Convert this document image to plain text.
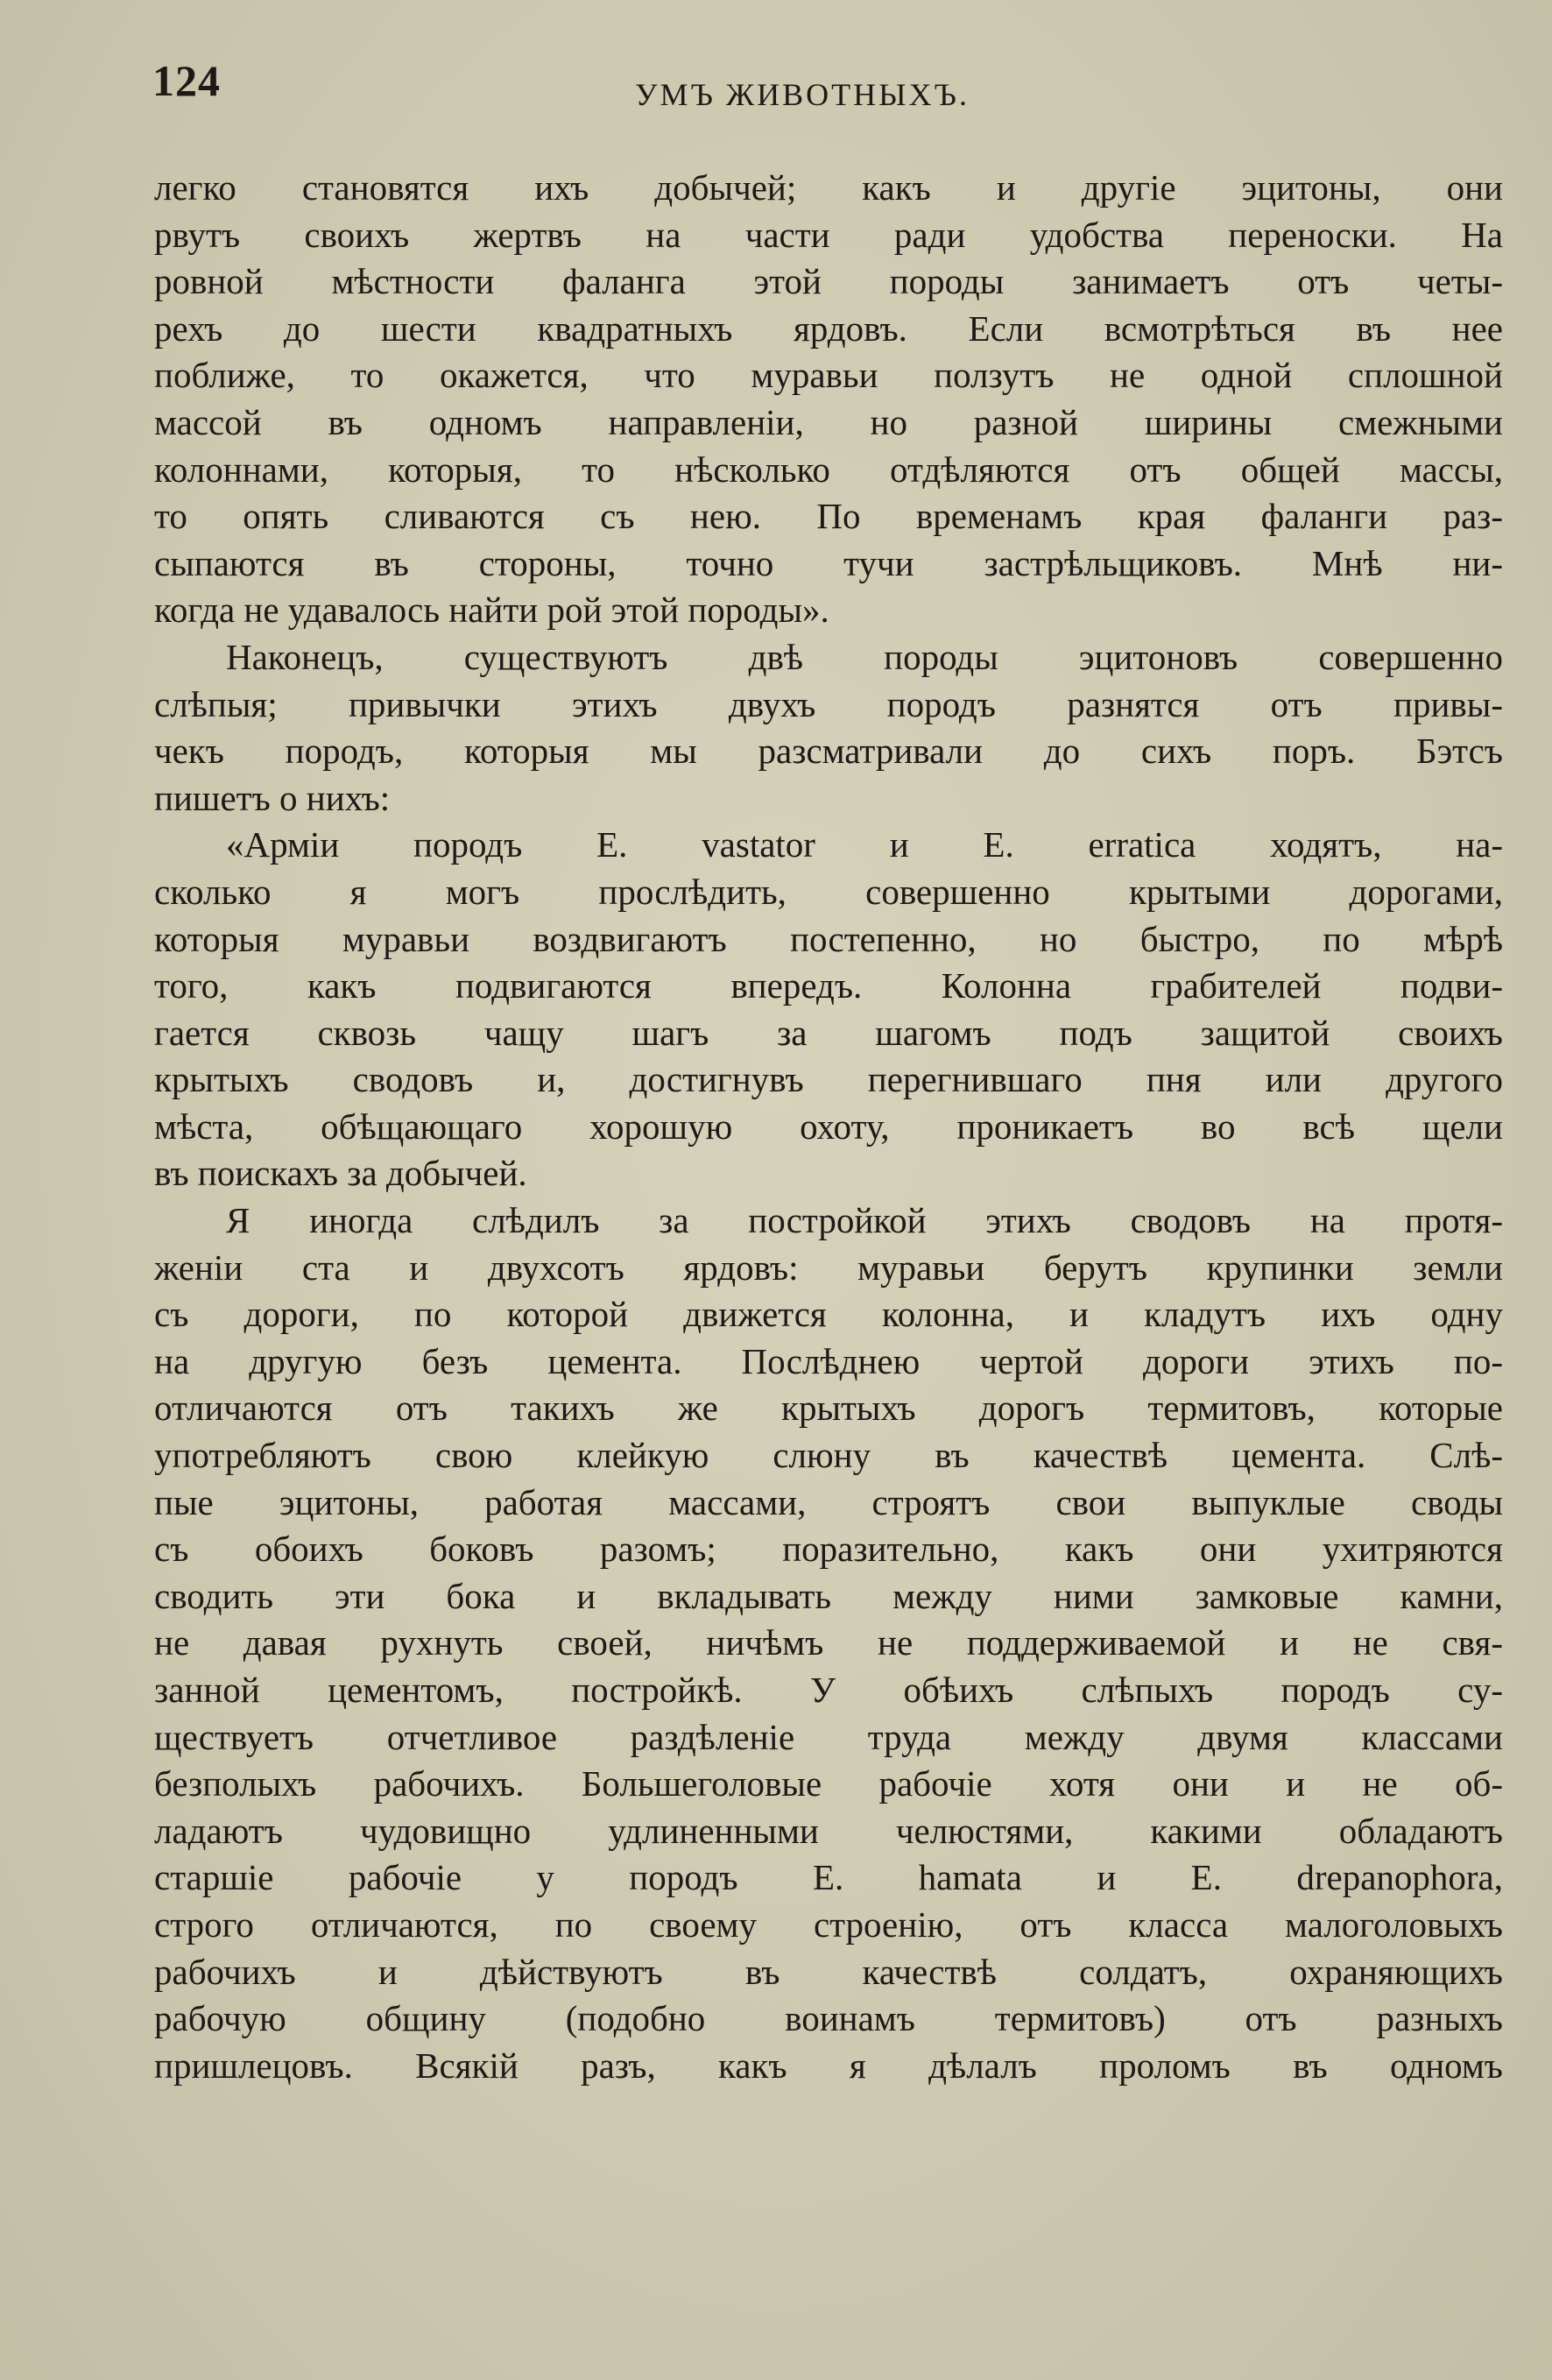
124	УМЪ ЖИВОТНЫХЪ.
легко становятся ихъ добычей; какъ и другіе эцитоны, они
рвутъ своихъ жертвъ на части ради удобства переноски. На
ровной мѣстности фаланга этой породы занимаетъ отъ четы-
рехъ до шести квадратныхъ ярдовъ. Если всмотрѣться въ нее
поближе, то окажется, что муравьи ползутъ не одной сплошной
массой въ одномъ направленіи, но разной ширины смежными
колоннами, которыя, то нѣсколько отдѣляются отъ общей массы,
то опять сливаются съ нею. По временамъ края фаланги раз-
сыпаются въ стороны, точно тучи застрѣльщиковъ. Мнѣ ни-
когда не удавалось найти рой этой породы».
Наконецъ, существуютъ двѣ породы эцитоновъ совершенно
слѣпыя; привычки этихъ двухъ породъ разнятся отъ привы-
чекъ породъ, которыя мы разсматривали до сихъ поръ. Бэтсъ
пишетъ о нихъ:
«Арміи породъ E. vastator и E. erratica ходятъ, на-
сколько я могъ прослѣдить, совершенно крытыми дорогами,
которыя муравьи воздвигаютъ постепенно, но быстро, по мѣрѣ
того, какъ подвигаются впередъ. Колонна грабителей подви-
гается сквозь чащу шагъ за шагомъ подъ защитой своихъ
крытыхъ сводовъ и, достигнувъ перегнившаго пня или другого
мѣста, обѣщающаго хорошую охоту, проникаетъ во всѣ щели
въ поискахъ за добычей.
Я иногда слѣдилъ за постройкой этихъ сводовъ на протя-
женіи ста и двухсотъ ярдовъ: муравьи берутъ крупинки земли
съ дороги, по которой движется колонна, и кладутъ ихъ одну
на другую безъ цемента. Послѣднею чертой дороги этихъ по-
отличаются отъ такихъ же крытыхъ дорогъ термитовъ, которые
употребляютъ свою клейкую слюну въ качествѣ цемента. Слѣ-
пые эцитоны, работая массами, строятъ свои выпуклые своды
съ обоихъ боковъ разомъ; поразительно, какъ они ухитряются
сводить эти бока и вкладывать между ними замковые камни,
не давая рухнуть своей, ничѣмъ не поддерживаемой и не свя-
занной цементомъ, постройкѣ. У обѣихъ слѣпыхъ породъ су-
ществуетъ отчетливое раздѣленіе труда между двумя классами
безполыхъ рабочихъ. Большеголовые рабочіе хотя они и не об-
ладаютъ чудовищно удлиненными челюстями, какими обладаютъ
старшіе рабочіе у породъ E. hamata и E. drepanophora,
строго отличаются, по своему строенію, отъ класса малоголовыхъ
рабочихъ и дѣйствуютъ въ качествѣ солдатъ, охраняющихъ
рабочую общину (подобно воинамъ термитовъ) отъ разныхъ
пришлецовъ. Всякій разъ, какъ я дѣлалъ проломъ въ одномъ
